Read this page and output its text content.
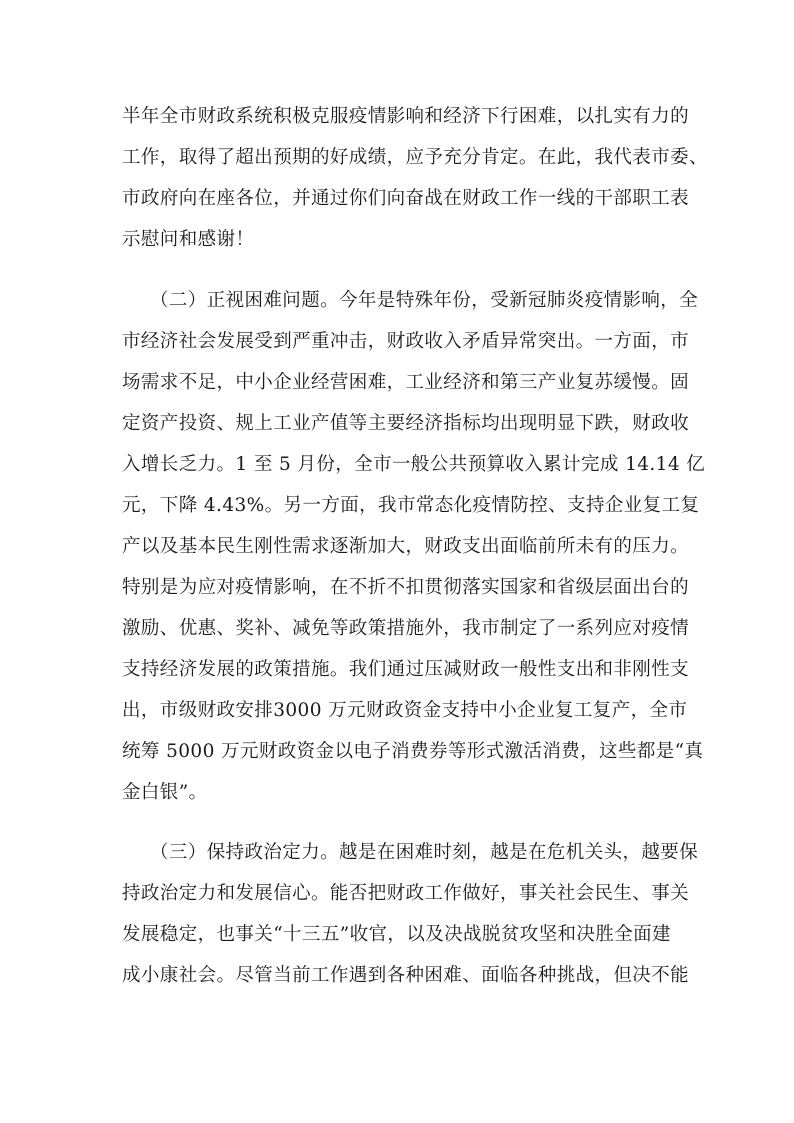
半年全市财政系统积极克服疫情影响和经济下行困难，以扎实有力的
工作，取得了超出预期的好成绩，应予充分肯定。在此，我代表市委、
市政府向在座各位，并通过你们向奋战在财政工作一线的干部职工表
示慰问和感谢！
（二）正视困难问题。今年是特殊年份，受新冠肺炎疫情影响，全
市经济社会发展受到严重冲击，财政收入矛盾异常突出。一方面，市
场需求不足，中小企业经营困难，工业经济和第三产业复苏缓慢。固
定资产投资、规上工业产值等主要经济指标均出现明显下跌，财政收
入增长乏力。1 至 5 月份，全市一般公共预算收入累计完成 14.14 亿
元，下降 4.43%。另一方面，我市常态化疫情防控、支持企业复工复
产以及基本民生刚性需求逐渐加大，财政支出面临前所未有的压力。
特别是为应对疫情影响，在不折不扣贯彻落实国家和省级层面出台的
激励、优惠、奖补、减免等政策措施外，我市制定了一系列应对疫情
支持经济发展的政策措施。我们通过压减财政一般性支出和非刚性支
出，市级财政安排3000 万元财政资金支持中小企业复工复产，全市
统筹 5000 万元财政资金以电子消费券等形式激活消费，这些都是“真
金白银”。
（三）保持政治定力。越是在困难时刻，越是在危机关头，越要保
持政治定力和发展信心。能否把财政工作做好，事关社会民生、事关
发展稳定，也事关“十三五”收官，以及决战脱贫攻坚和决胜全面建
成小康社会。尽管当前工作遇到各种困难、面临各种挑战，但决不能
